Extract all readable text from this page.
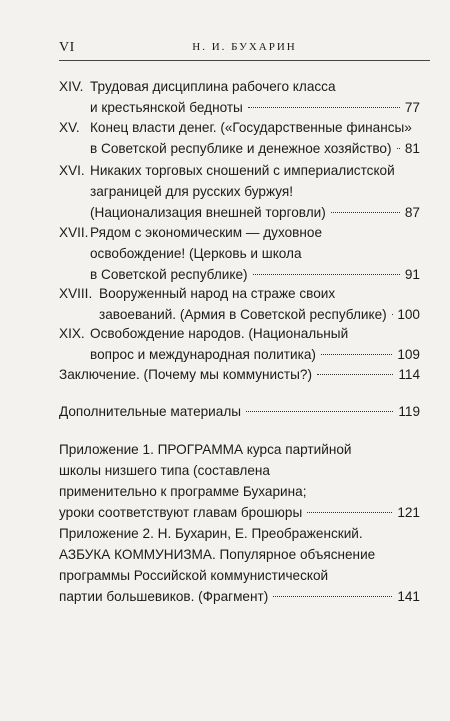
VI	Н. И. БУХАРИН
XIV. Трудовая дисциплина рабочего класса
и крестьянской бедноты	77
XV. Конец власти денег. («Государственные финансы»
в Советской республике и денежное хозяйство) 81
XVI. Никаких торговых сношений с империалистской
заграницей для русских буржуя!
(Национализация внешней торговли)	87
XVII. Рядом с экономическим — духовное
освобождение! (Церковь и школа
в Советской республике)	91
XVIII. Вооруженный народ на страже своих
завоеваний. (Армия в Советской республике) 100
XIX. Освобождение народов. (Национальный
вопрос и международная политика)	109
Заключение. (Почему мы коммунисты?)	114
Дополнительные материалы	119
Приложение 1. ПРОГРАММА курса партийной
школы низшего типа (составлена
применительно к программе Бухарина;
уроки соответствуют главам брошюры	121
Приложение 2. Н. Бухарин, Е. Преображенский.
АЗБУКА КОММУНИЗМА. Популярное объяснение
программы Российской коммунистической
партии большевиков. (Фрагмент)	141
